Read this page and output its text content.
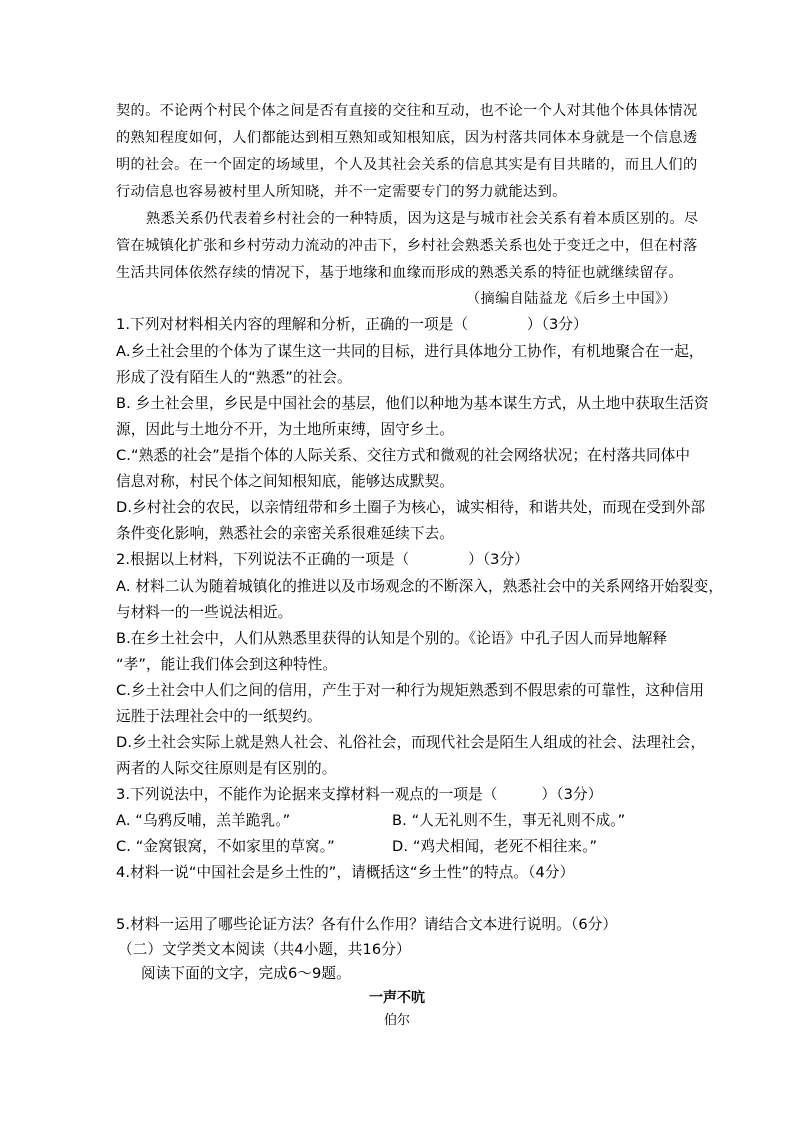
契的。不论两个村民个体之间是否有直接的交往和互动，也不论一个人对其他个体具体情况
的熟知程度如何，人们都能达到相互熟知或知根知底，因为村落共同体本身就是一个信息透
明的社会。在一个固定的场域里，个人及其社会关系的信息其实是有目共睹的，而且人们的
行动信息也容易被村里人所知晓，并不一定需要专门的努力就能达到。
熟悉关系仍代表着乡村社会的一种特质，因为这是与城市社会关系有着本质区别的。尽
管在城镇化扩张和乡村劳动力流动的冲击下，乡村社会熟悉关系也处于变迁之中，但在村落
生活共同体依然存续的情况下，基于地缘和血缘而形成的熟悉关系的特征也就继续留存。
（摘编自陆益龙《后乡土中国》）
1.下列对材料相关内容的理解和分析，正确的一项是（　　　　）（3分）
A.乡土社会里的个体为了谋生这一共同的目标，进行具体地分工协作，有机地聚合在一起，
形成了没有陌生人的“熟悉”的社会。
B. 乡土社会里，乡民是中国社会的基层，他们以种地为基本谋生方式，从土地中获取生活资
源，因此与土地分不开，为土地所束缚，固守乡土。
C.“熟悉的社会”是指个体的人际关系、交往方式和微观的社会网络状况；在村落共同体中
信息对称，村民个体之间知根知底，能够达成默契。
D.乡村社会的农民，以亲情纽带和乡土圈子为核心，诚实相待，和谐共处，而现在受到外部
条件变化影响，熟悉社会的亲密关系很难延续下去。
2.根据以上材料，下列说法不正确的一项是（　　　　）（3分）
A. 材料二认为随着城镇化的推进以及市场观念的不断深入，熟悉社会中的关系网络开始裂变，
与材料一的一些说法相近。
B.在乡土社会中，人们从熟悉里获得的认知是个别的。《论语》中孔子因人而异地解释
“孝”，能让我们体会到这种特性。
C.乡土社会中人们之间的信用，产生于对一种行为规矩熟悉到不假思索的可靠性，这种信用
远胜于法理社会中的一纸契约。
D.乡土社会实际上就是熟人社会、礼俗社会，而现代社会是陌生人组成的社会、法理社会，
两者的人际交往原则是有区别的。
3.下列说法中，不能作为论据来支撑材料一观点的一项是（　　　）（3分）
A. “乌鸦反哺，羔羊跪乳。”	B. “人无礼则不生，事无礼则不成。”
C. “金窝银窝，不如家里的草窝。”	D. “鸡犬相闻，老死不相往来。”
4.材料一说“中国社会是乡土性的”，请概括这“乡土性”的特点。（4分）
5.材料一运用了哪些论证方法？各有什么作用？请结合文本进行说明。（6分）
（二）文学类文本阅读（共4小题，共16分）
阅读下面的文字，完成6～9题。
一声不吭
伯尔
